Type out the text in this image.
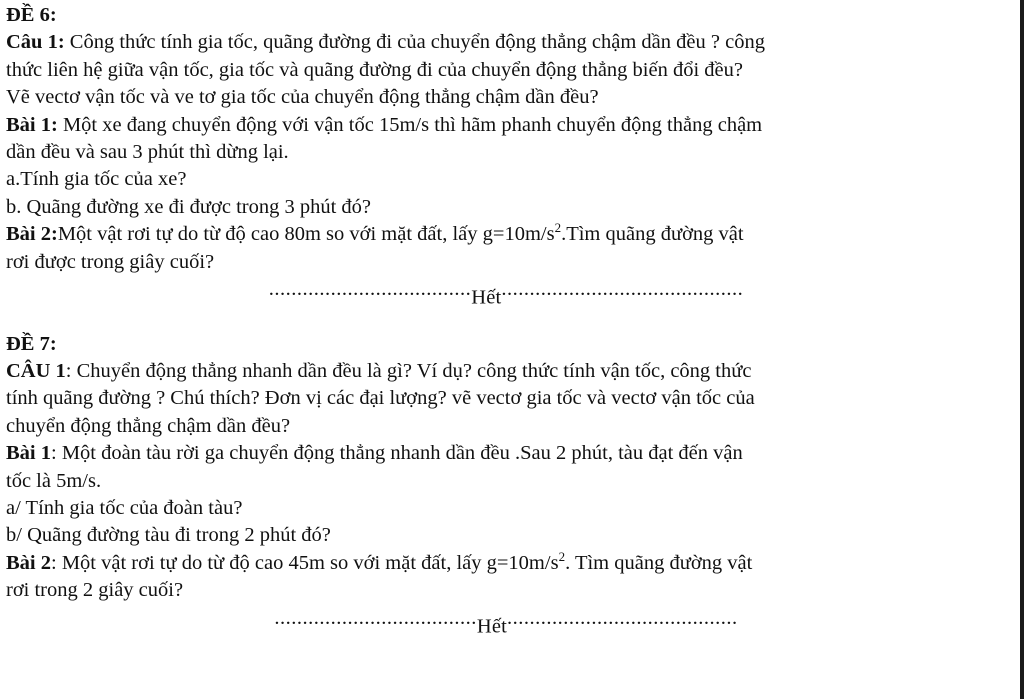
ĐỀ 6:
Câu 1: Công thức tính gia tốc, quãng đường đi của chuyển động thẳng chậm dần đều ? công
thức liên hệ giữa vận tốc, gia tốc và quãng đường đi của chuyển động thẳng biến đổi đều?
Vẽ vectơ vận tốc và ve tơ gia tốc của chuyển động thẳng chậm dần đều?
Bài 1: Một xe đang chuyển động với vận tốc 15m/s thì hãm phanh chuyển động thẳng chậm
dần đều và sau 3 phút thì dừng lại.
a.Tính gia tốc của xe?
b. Quãng đường xe đi được trong 3 phút đó?
Bài 2:Một vật rơi tự do từ độ cao 80m so với mặt đất, lấy $g=10m/s^2.Tìm$ quãng đường vật
rơi được trong giây cuối?
....................................Hết...........................................
ĐỀ 7:
CÂU 1: Chuyển động thẳng nhanh dần đều là gì? Ví dụ? công thức tính vận tốc, công thức
tính quãng đường ? Chú thích? Đơn vị các đại lượng? vẽ vectơ gia tốc và vectơ vận tốc của
chuyển động thẳng chậm dần đều?
Bài 1: Một đoàn tàu rời ga chuyển động thẳng nhanh dần đều .Sau 2 phút, tàu đạt đến vận
tốc là 5m/s.
a/ Tính gia tốc của đoàn tàu?
b/ Quãng đường tàu đi trong 2 phút đó?
Bài 2: Một vật rơi tự do từ độ cao 45m so với mặt đất, lấy $g=10m/s^2$. Tìm quãng đường vật
rơi trong 2 giây cuối?
....................................Hết.........................................
